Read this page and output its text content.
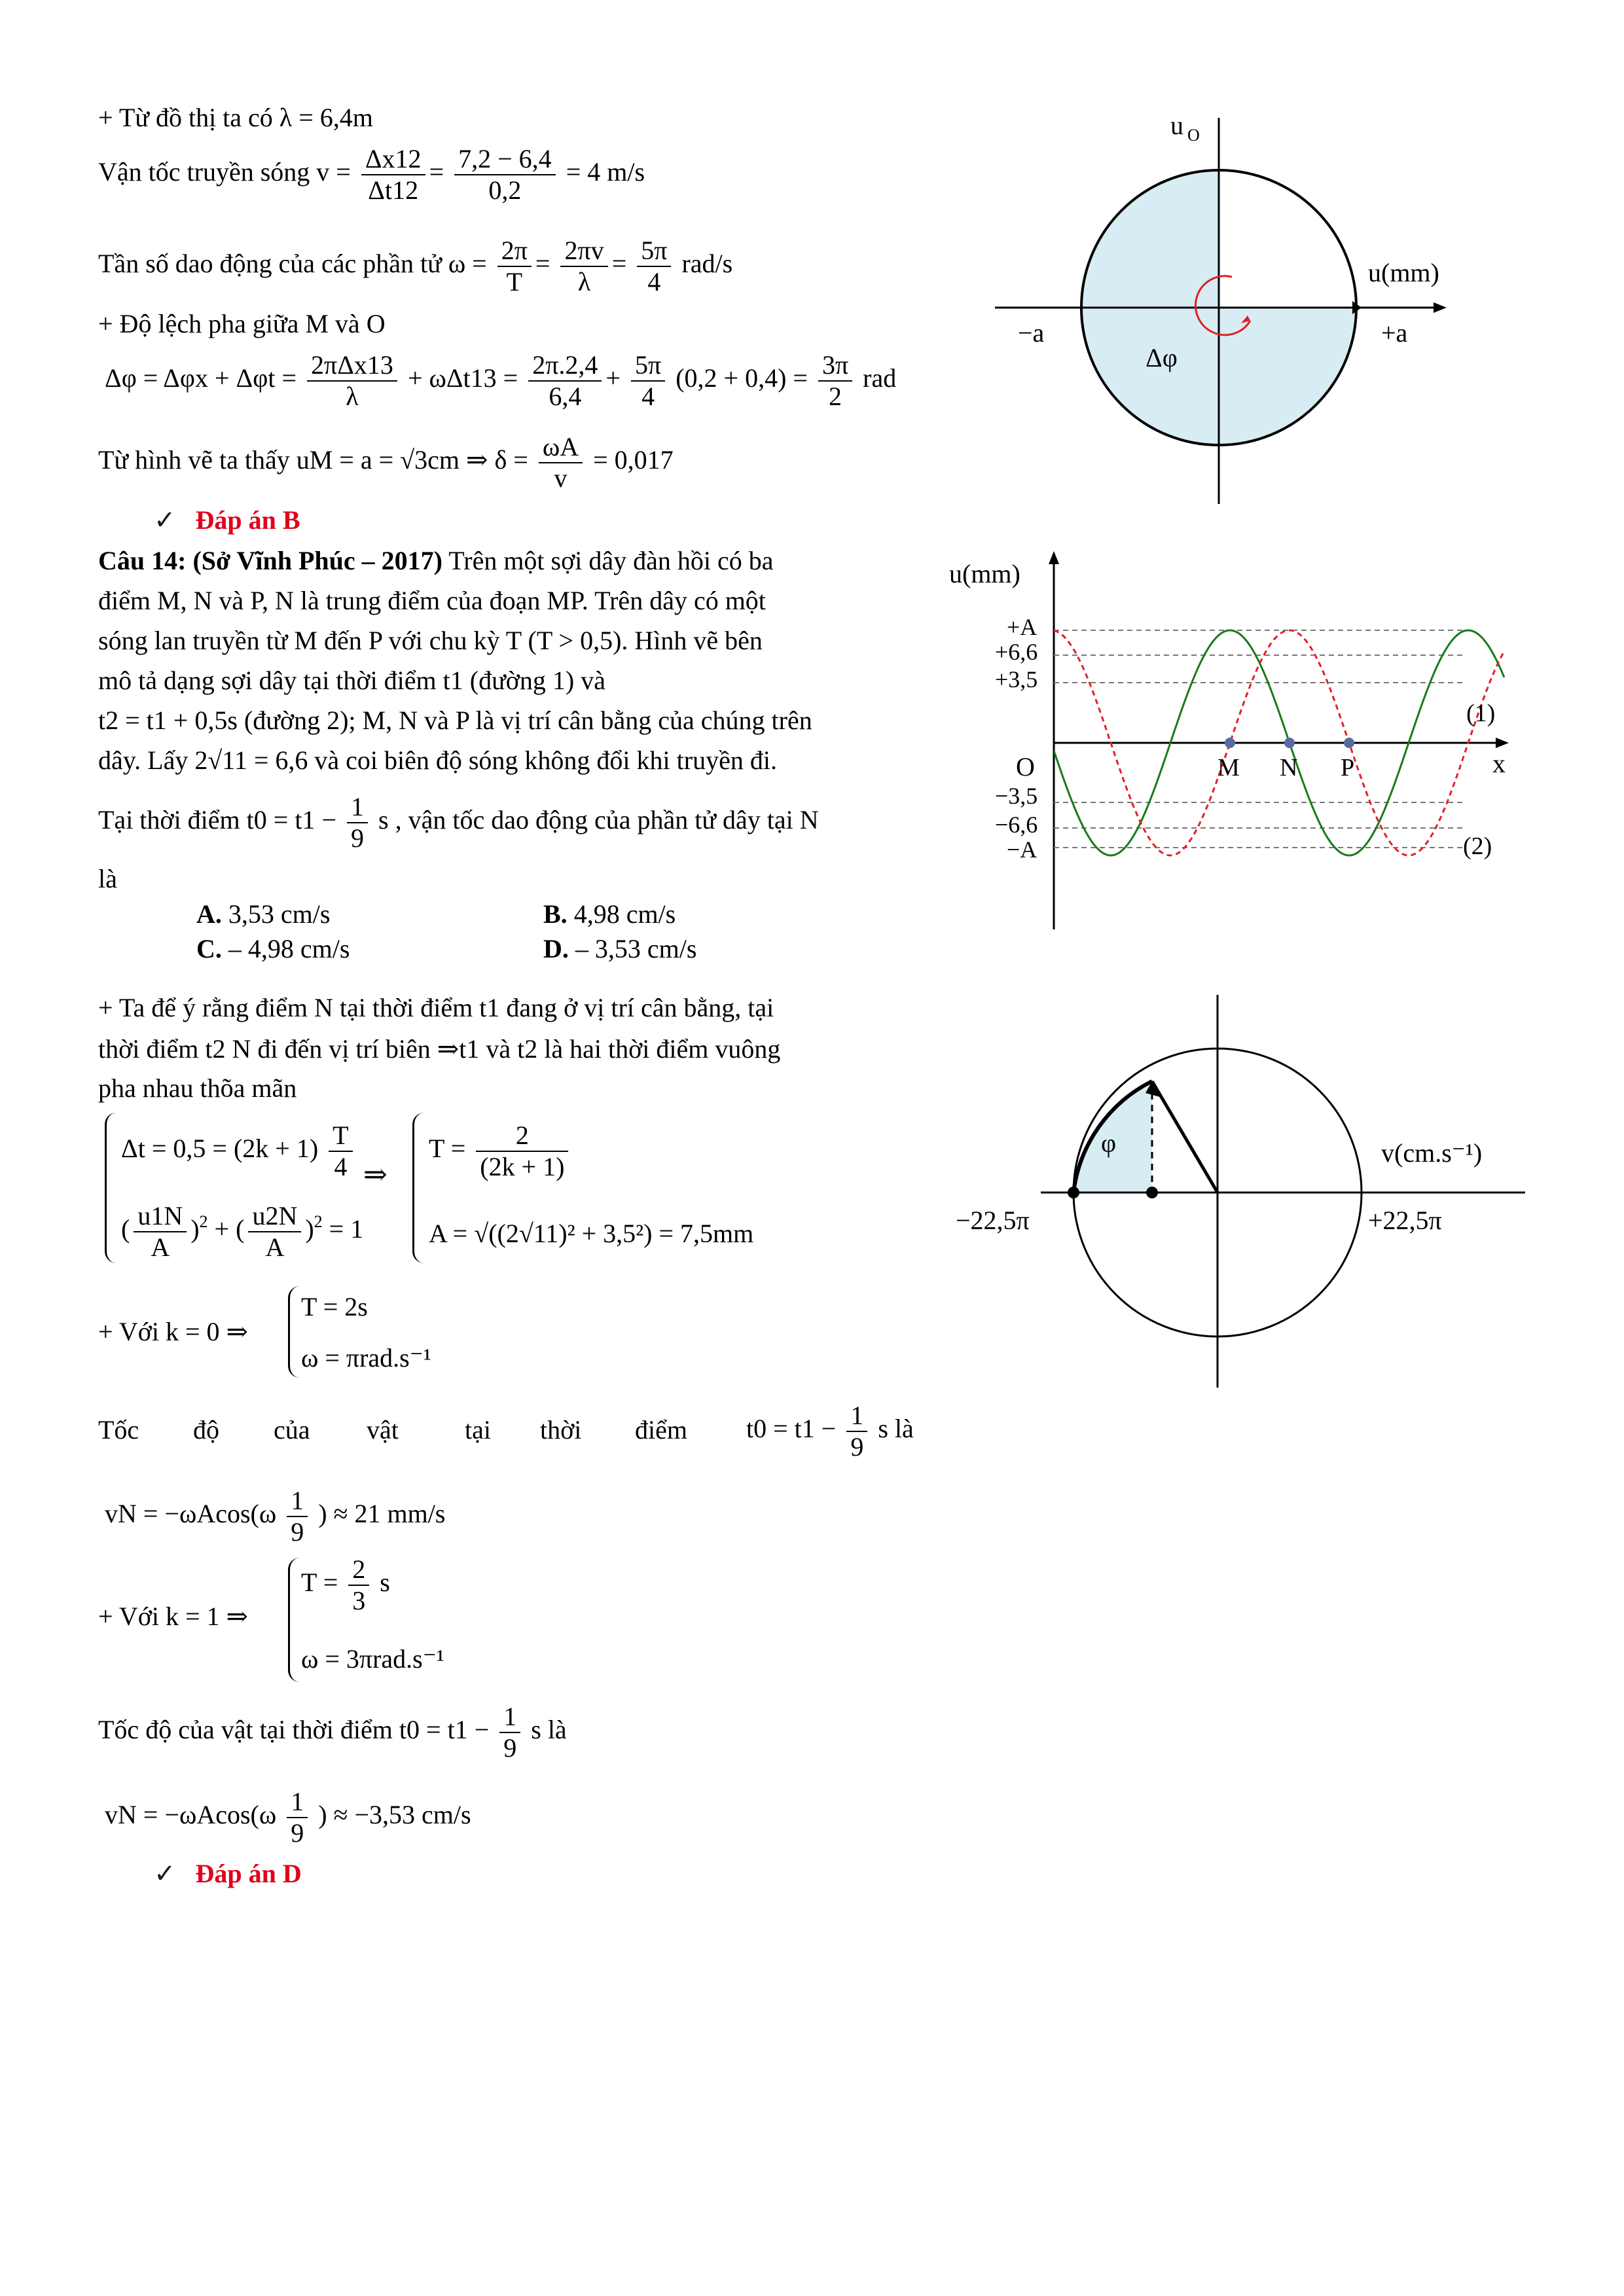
+ Từ đồ thị ta có λ = 6,4m
Vận tốc truyền sóng $v = \frac{\Delta x12}{\Delta t12} = \frac{7,2 - 6,4}{0,2} = 4$ m/s
Tần số dao động của các phần tử $\omega = \frac{2\pi}{T} = \frac{2\pi v}{\lambda} = \frac{5\pi}{4} rad/s$
+ Độ lệch pha giữa M và O
$\Delta\varphi = \Delta\varphi x + \Delta\varphi t = \frac{\text{2πΔx13}}{\lambda} + \omega\Delta t13 = \frac{2\pi.2,4}{6,4} + \frac{5\pi}{4} (0,2 + 0,4) = \frac{3\pi}{2}$ rad
Từ hình vẽ ta thấy uM = a = √3cm ⇒ $\delta = \frac{\omega A}{v} = 0,017$
✓ Đáp án B
u O
u(mm)
−a	+a
Δφ
Câu 14: (Sở Vĩnh Phúc – 2017) Trên một sợi dây đàn hồi có ba
điểm M, N và P, N là trung điểm của đoạn MP. Trên dây có một
sóng lan truyền từ M đến P với chu kỳ T (T > 0,5). Hình vẽ bên
mô tả dạng sợi dây tại thời điểm t1 (đường 1) và
t2 = t1 + 0,5s (đường 2); M, N và P là vị trí cân bằng của chúng trên
dây. Lấy 2√11 = 6,6 và coi biên độ sóng không đổi khi truyền đi.
Tại thời điểm $t0 = t1 - \frac{1}{9}$ s , vận tốc dao động của phần tử dây tại N
là
A. 3,53 cm/s	B. 4,98 cm/s
C. – 4,98 cm/s	D. – 3,53 cm/s
u(mm)
x
O
+A
+6,6
+3,5
−3,5
−6,6
−A
M N P
(1)
(2)
+ Ta để ý rằng điểm N tại thời điểm t1 đang ở vị trí cân bằng, tại
thời điểm t2 N đi đến vị trí biên ⇒t1 và t2 là hai thời điểm vuông
pha nhau thõa mãn
$\Delta t = 0,5 = (2k + 1) \frac{T}{4}$
( $\frac{u1N}{A} )^2$ + ( $\frac{u2N}{A} )^2 = 1$
⇒
$T = \frac{2}{(2k + 1)}$
A = √((2√11)² + 3,5²) = 7,5mm
+ Với k = 0 ⇒
T = 2s
ω = πrad.s⁻¹
Tốc độ của vật	tại thời điểm $t0 = t1 - \frac{1}{9}$ s là
vN = $-\omega Acos(\omega \frac{1}{9}$ ) ≈ 21 mm/s
+ Với k = 1 ⇒
$T = \frac{2}{3}$ s
ω = 3πrad.s⁻¹
Tốc độ của vật tại thời điểm $t0 = t1 - \frac{1}{9}$ s là
vN = $-\omega Acos(\omega \frac{1}{9}$ ) ≈ −3,53 cm/s
✓ Đáp án D
φ	v(cm.s⁻¹)
−22,5π	+22,5π
